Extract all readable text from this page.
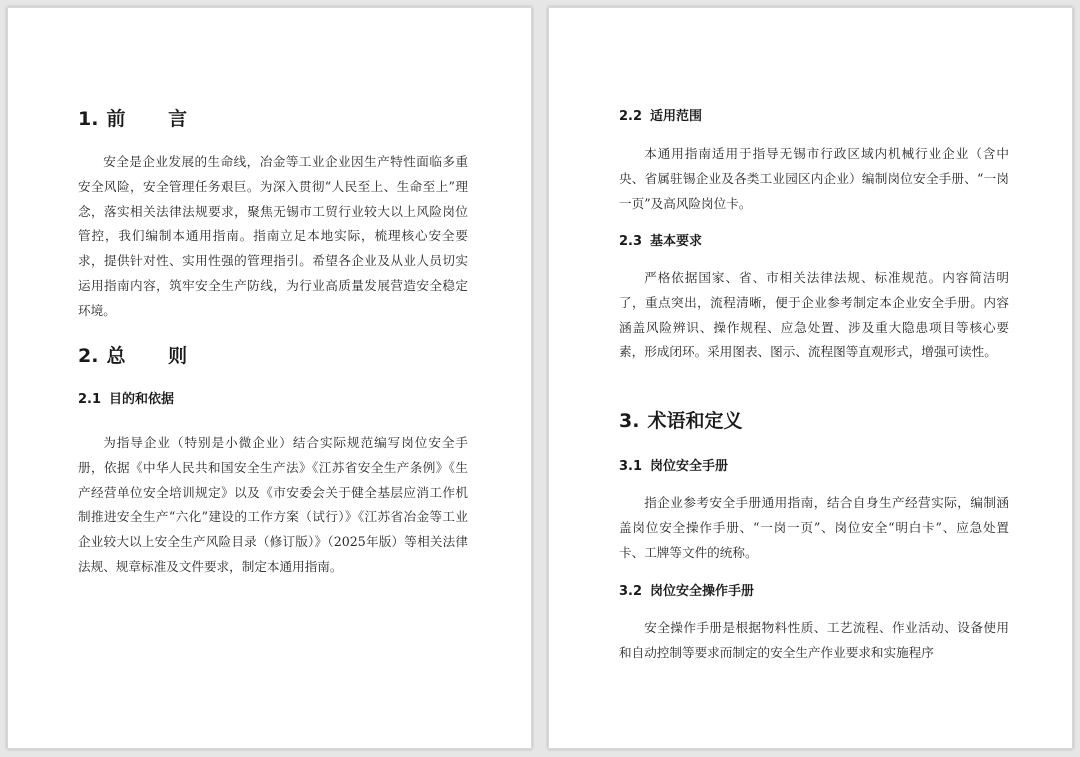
1. 前 言
安全是企业发展的生命线，冶金等工业企业因生产特性面临多重安全风险，安全管理任务艰巨。为深入贯彻“人民至上、生命至上”理念，落实相关法律法规要求，聚焦无锡市工贸行业较大以上风险岗位管控，我们编制本通用指南。指南立足本地实际，梳理核心安全要求，提供针对性、实用性强的管理指引。希望各企业及从业人员切实运用指南内容，筑牢安全生产防线，为行业高质量发展营造安全稳定环境。
2. 总 则
2.1 目的和依据
为指导企业（特别是小微企业）结合实际规范编写岗位安全手册，依据《中华人民共和国安全生产法》《江苏省安全生产条例》《生产经营单位安全培训规定》以及《市安委会关于健全基层应消工作机制推进安全生产“六化”建设的工作方案（试行）》《江苏省冶金等工业企业较大以上安全生产风险目录（修订版）》（2025年版）等相关法律法规、规章标准及文件要求，制定本通用指南。
2.2 适用范围
本通用指南适用于指导无锡市行政区域内机械行业企业（含中央、省属驻锡企业及各类工业园区内企业）编制岗位安全手册、“一岗一页”及高风险岗位卡。
2.3 基本要求
严格依据国家、省、市相关法律法规、标准规范。内容简洁明了，重点突出，流程清晰，便于企业参考制定本企业安全手册。内容涵盖风险辨识、操作规程、应急处置、涉及重大隐患项目等核心要素，形成闭环。采用图表、图示、流程图等直观形式，增强可读性。
3. 术语和定义
3.1 岗位安全手册
指企业参考安全手册通用指南，结合自身生产经营实际，编制涵盖岗位安全操作手册、“一岗一页”、岗位安全“明白卡”、应急处置卡、工牌等文件的统称。
3.2 岗位安全操作手册
安全操作手册是根据物料性质、工艺流程、作业活动、设备使用和自动控制等要求而制定的安全生产作业要求和实施程序
